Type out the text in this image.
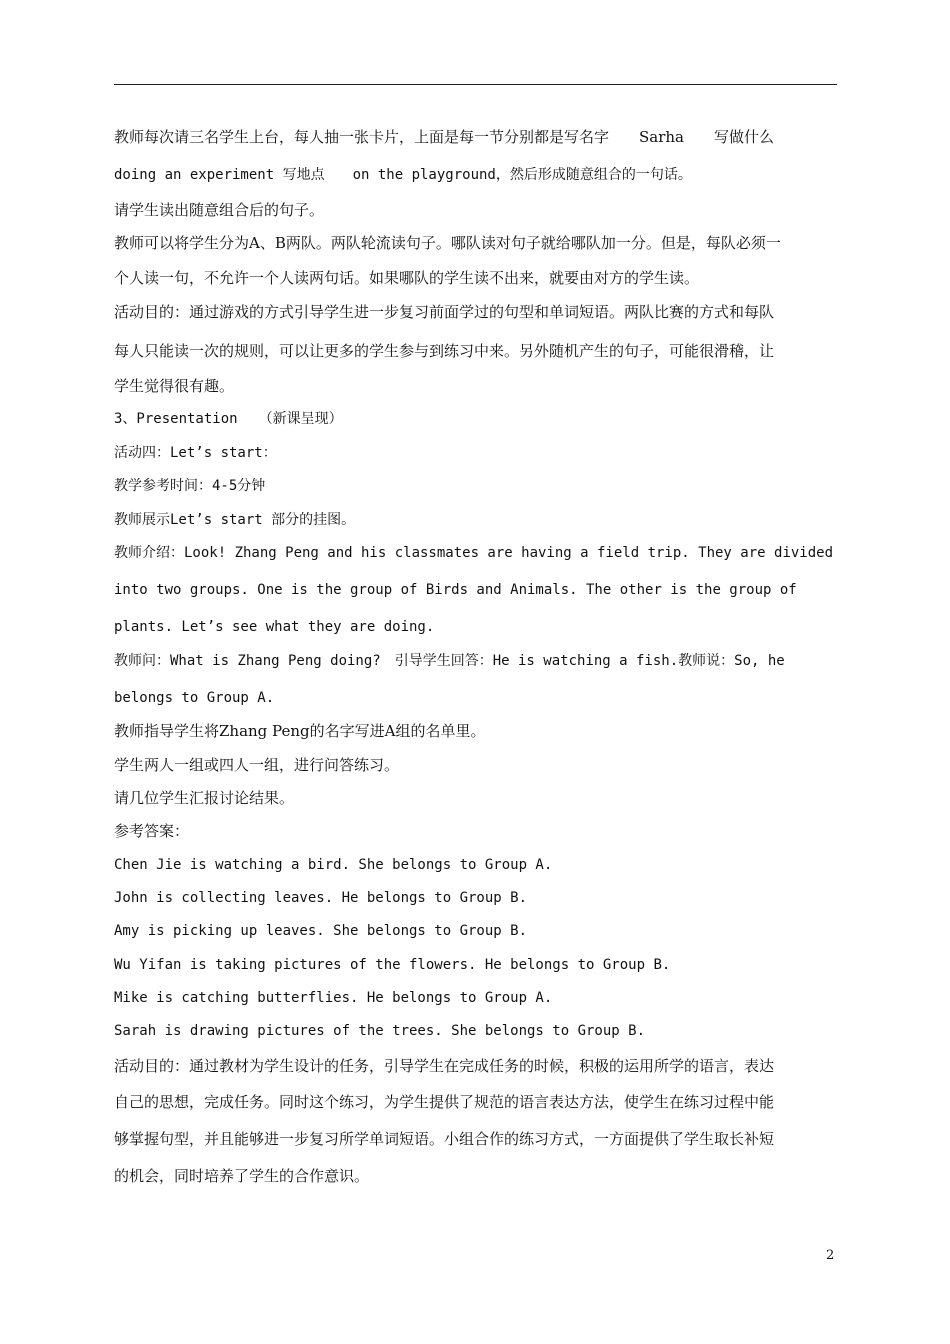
教师每次请三名学生上台，每人抽一张卡片，上面是每一节分别都是写名字　　Sarha　　写做什么
doing an experiment 写地点　　on the playground，然后形成随意组合的一句话。
请学生读出随意组合后的句子。
教师可以将学生分为A、B两队。两队轮流读句子。哪队读对句子就给哪队加一分。但是，每队必须一
个人读一句，不允许一个人读两句话。如果哪队的学生读不出来，就要由对方的学生读。
活动目的：通过游戏的方式引导学生进一步复习前面学过的句型和单词短语。两队比赛的方式和每队
每人只能读一次的规则，可以让更多的学生参与到练习中来。另外随机产生的句子，可能很滑稽，让
学生觉得很有趣。
3、Presentation　　（新课呈现）
活动四：Let’s start：
教学参考时间：4-5分钟
教师展示Let’s start 部分的挂图。
教师介绍：Look! Zhang Peng and his classmates are having a field trip. They are divided
into two groups. One is the group of Birds and Animals. The other is the group of
plants. Let’s see what they are doing.
教师问：What is Zhang Peng doing?　引导学生回答：He is watching a fish.教师说：So, he
belongs to Group A.
教师指导学生将Zhang Peng的名字写进A组的名单里。
学生两人一组或四人一组，进行问答练习。
请几位学生汇报讨论结果。
参考答案：
Chen Jie is watching a bird. She belongs to Group A.
John is collecting leaves. He belongs to Group B.
Amy is picking up leaves. She belongs to Group B.
Wu Yifan is taking pictures of the flowers. He belongs to Group B.
Mike is catching butterflies. He belongs to Group A.
Sarah is drawing pictures of the trees. She belongs to Group B.
活动目的：通过教材为学生设计的任务，引导学生在完成任务的时候，积极的运用所学的语言，表达
自己的思想，完成任务。同时这个练习，为学生提供了规范的语言表达方法，使学生在练习过程中能
够掌握句型，并且能够进一步复习所学单词短语。小组合作的练习方式，一方面提供了学生取长补短
的机会，同时培养了学生的合作意识。
2
